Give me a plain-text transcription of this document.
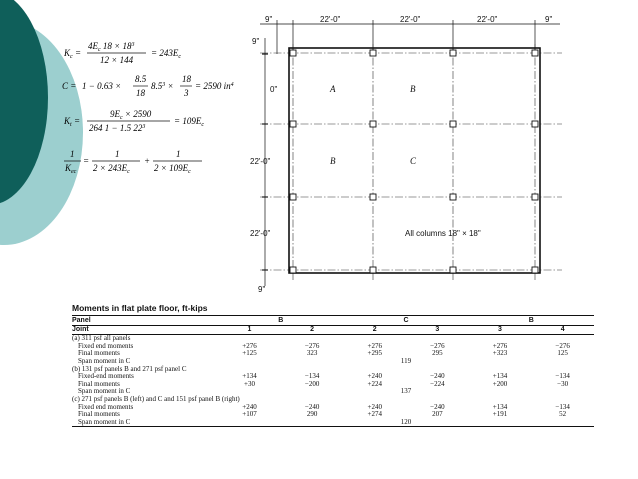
$K_c$ =
$4E_c$ $18 \times 18^3$
12 × 144
= $243E_c$
C = 1 − 0.63 ×
8.5
18
$8.5^3$ ×
18
3
= 2590 $in^4$
$K_t$ =
$9E_c \times 2590$
264 1 − 1.5 $22^3$
= $109E_c$
1
$K_{ec}$
=
1
$2 \times 243E_c$
+
1
$2 \times 109E_c$
9"	22'-0"	22'-0"	22'-0"	9"
9"
0"
22'-0"
22'-0"
9"
A	B
B	C
All columns 18" × 18"
Moments in flat plate floor, ft-kips
Panel	B		C		B	
Joint	1	2	2	3	3	4
(a) 311 psf all panels						
Fixed end moments	+276	−276	+276	−276	+276	−276
Final moments	+125	323	+295	295	+323	125
Span moment in C			119			
(b) 131 psf panels B and 271 psf panel C						
Fixed-end moments	+134	−134	+240	−240	+134	−134
Final moments	+30	−200	+224	−224	+200	−30
Span moment in C			137			
(c) 271 psf panels B (left) and C and 151 psf panel B (right)						
Fixed end moments	+240	−240	+240	−240	+134	−134
Final moments	+107	290	+274	207	+191	52
Span moment in C			120			
